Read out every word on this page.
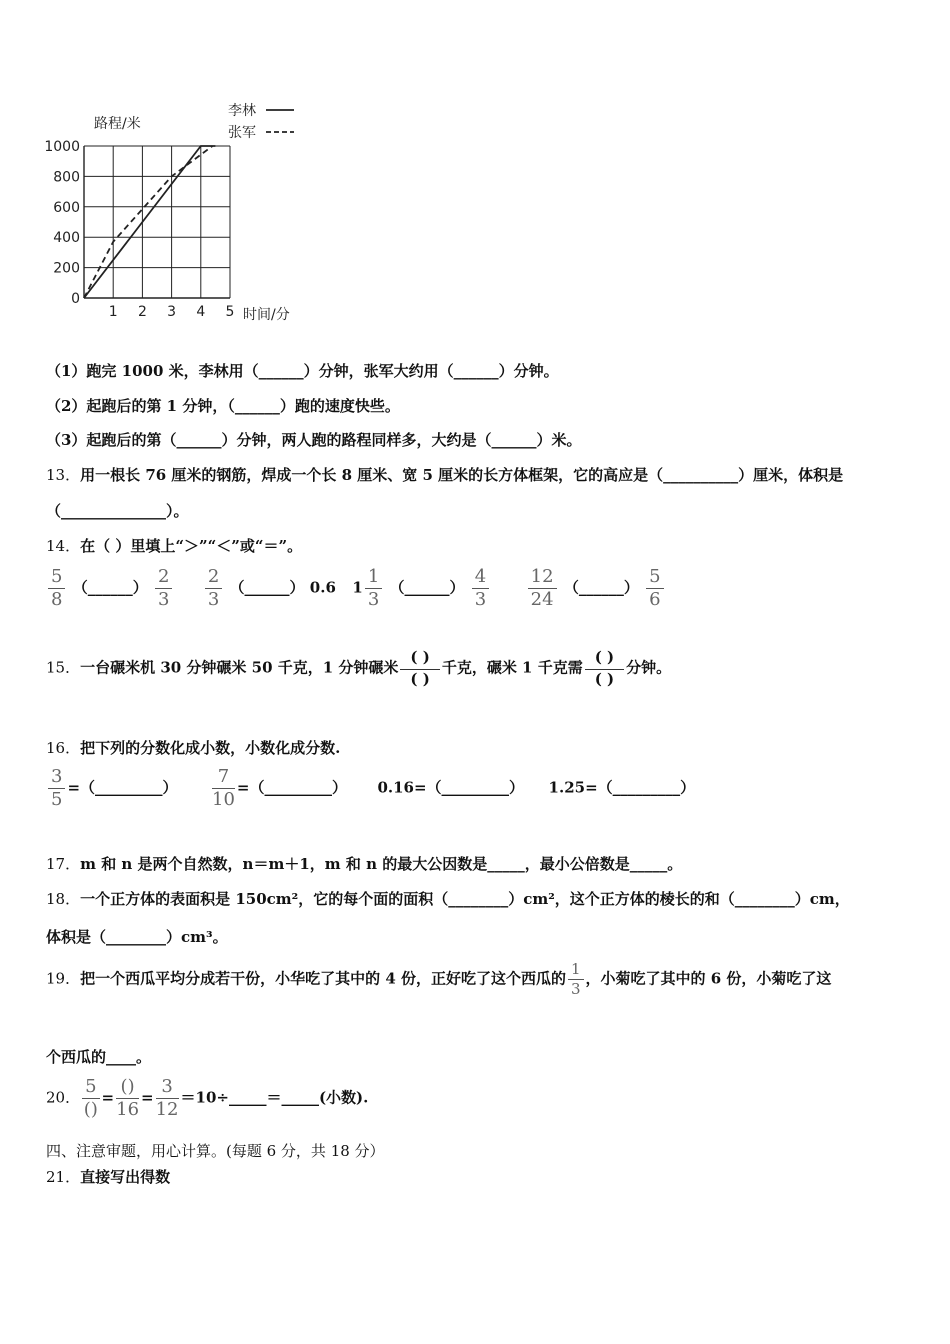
0
200
400
600
800
1000
1 2 3 4 5
路程/米
时间/分
李林
张军
（1）跑完 1000 米，李林用（______）分钟，张军大约用（______）分钟。
（2）起跑后的第 1 分钟，（______）跑的速度快些。
（3）起跑后的第（______）分钟，两人跑的路程同样多，大约是（______）米。
13．用一根长 76 厘米的钢筋，焊成一个长 8 厘米、宽 5 厘米的长方体框架，它的高应是（__________）厘米，体积是
（______________）。
14．在（ ）里填上“＞”“＜”或“＝”。
$\frac{5}{8}$ （______） $\frac{2}{3}$
$\frac{2}{3}$ （______） 0.6 $1 \frac{1}{3}$ （______） $\frac{4}{3}$
$\frac{12}{24}$ （______） $\frac{5}{6}$
15．一台碾米机 30 分钟碾米 50 千克，1 分钟碾米 $\frac{( )}{( )}$ 千克，碾米 1 千克需 $\frac{( )}{( )}$ 分钟。
16．把下列的分数化成小数，小数化成分数.
$\frac{3}{5}$ =（_________） $\frac{7}{10}$ =（_________） 0.16=（_________） 1.25=（_________）
17．m 和 n 是两个自然数，n＝m＋1，m 和 n 的最大公因数是_____，最小公倍数是_____。
18．一个正方体的表面积是 150cm²，它的每个面的面积（________）cm²，这个正方体的棱长的和（________）cm，
体积是（________）cm³。
19．把一个西瓜平均分成若干份，小华吃了其中的 4 份，正好吃了这个西瓜的 $\frac{1}{3}$ ，小菊吃了其中的 6 份，小菊吃了这
个西瓜的____。
20． $\frac{5}{()} = \frac{()}{16} = \frac{3}{12}$ ＝10÷_____＝_____(小数).
四、注意审题，用心计算。(每题 6 分，共 18 分）
21．直接写出得数
